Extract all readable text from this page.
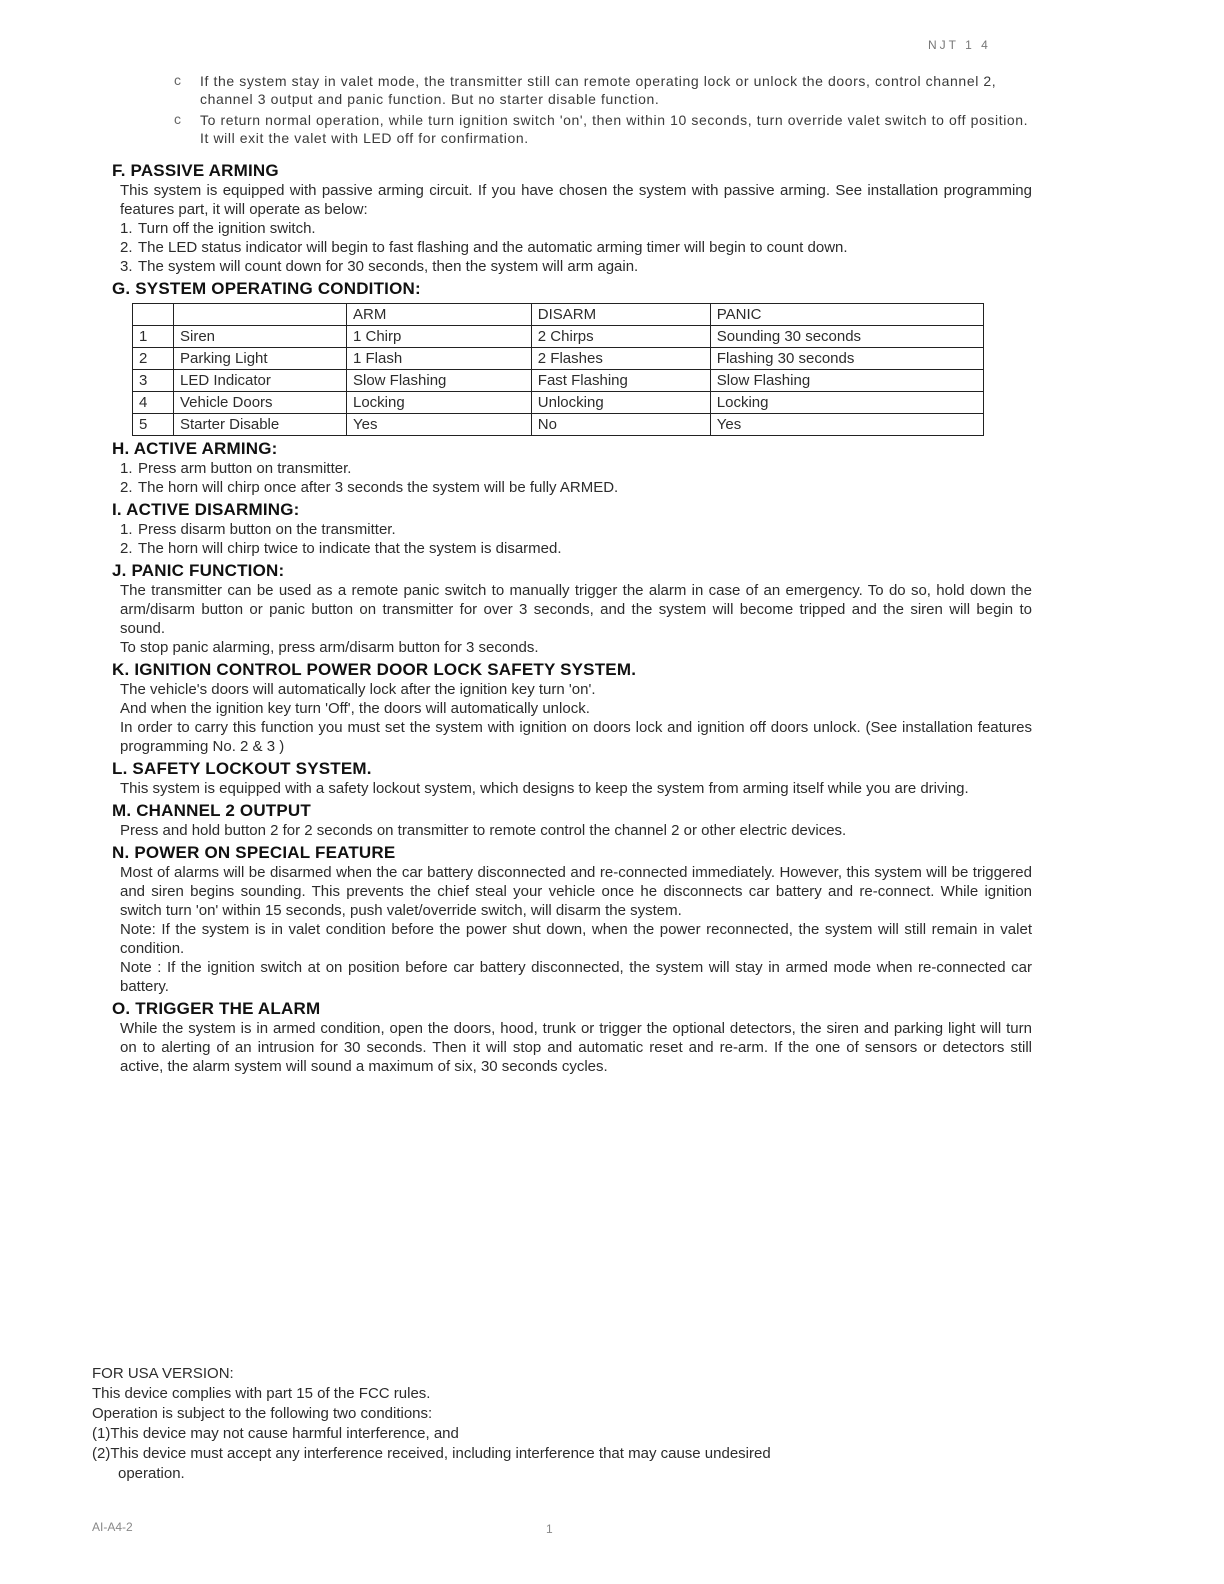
NJT 1 4
c If the system stay in valet mode, the transmitter still can remote operating lock or unlock the doors, control channel 2, channel 3 output and panic function. But no starter disable function.
c To return normal operation, while turn ignition switch 'on', then within 10 seconds, turn override valet switch to off position. It will exit the valet with LED off for confirmation.
F. PASSIVE ARMING

This system is equipped with passive arming circuit. If you have chosen the system with passive arming. See installation programming features part, it will operate as below:

1. Turn off the ignition switch.
2. The LED status indicator will begin to fast flashing and the automatic arming timer will begin to count down.
3. The system will count down for 30 seconds, then the system will arm again.
G. SYSTEM OPERATING CONDITION:
		ARM	DISARM	PANIC
1	Siren	1 Chirp	2 Chirps	Sounding 30 seconds
2	Parking Light	1 Flash	2 Flashes	Flashing 30 seconds
3	LED Indicator	Slow Flashing	Fast Flashing	Slow Flashing
4	Vehicle Doors	Locking	Unlocking	Locking
5	Starter Disable	Yes	No	Yes
H. ACTIVE ARMING:
1. Press arm button on transmitter.
2. The horn will chirp once after 3 seconds the system will be fully ARMED.
I. ACTIVE DISARMING:
1. Press disarm button on the transmitter.
2. The horn will chirp twice to indicate that the system is disarmed.
J. PANIC FUNCTION:

The transmitter can be used as a remote panic switch to manually trigger the alarm in case of an emergency. To do so, hold down the arm/disarm button or panic button on transmitter for over 3 seconds, and the system will become tripped and the siren will begin to sound.

To stop panic alarming, press arm/disarm button for 3 seconds.

K. IGNITION CONTROL POWER DOOR LOCK SAFETY SYSTEM.

The vehicle's doors will automatically lock after the ignition key turn 'on'.

And when the ignition key turn 'Off', the doors will automatically unlock.

In order to carry this function you must set the system with ignition on doors lock and ignition off doors unlock. (See installation features programming No. 2 & 3 )

L. SAFETY LOCKOUT SYSTEM.

This system is equipped with a safety lockout system, which designs to keep the system from arming itself while you are driving.

M. CHANNEL 2 OUTPUT

Press and hold button 2 for 2 seconds on transmitter to remote control the channel 2 or other electric devices.

N. POWER ON SPECIAL FEATURE

Most of alarms will be disarmed when the car battery disconnected and re-connected immediately. However, this system will be triggered and siren begins sounding. This prevents the chief steal your vehicle once he disconnects car battery and re-connect. While ignition switch turn 'on' within 15 seconds, push valet/override switch, will disarm the system.

Note: If the system is in valet condition before the power shut down, when the power reconnected, the system will still remain in valet condition.

Note : If the ignition switch at on position before car battery disconnected, the system will stay in armed mode when re-connected car battery.

O. TRIGGER THE ALARM

While the system is in armed condition, open the doors, hood, trunk or trigger the optional detectors, the siren and parking light will turn on to alerting of an intrusion for 30 seconds. Then it will stop and automatic reset and re-arm. If the one of sensors or detectors still active, the alarm system will sound a maximum of six, 30 seconds cycles.

FOR USA VERSION:

This device complies with part 15 of the FCC rules.

Operation is subject to the following two conditions:

(1)This device may not cause harmful interference, and

(2)This device must accept any interference received, including interference that may cause undesired

operation.

AI-A4-2	1
